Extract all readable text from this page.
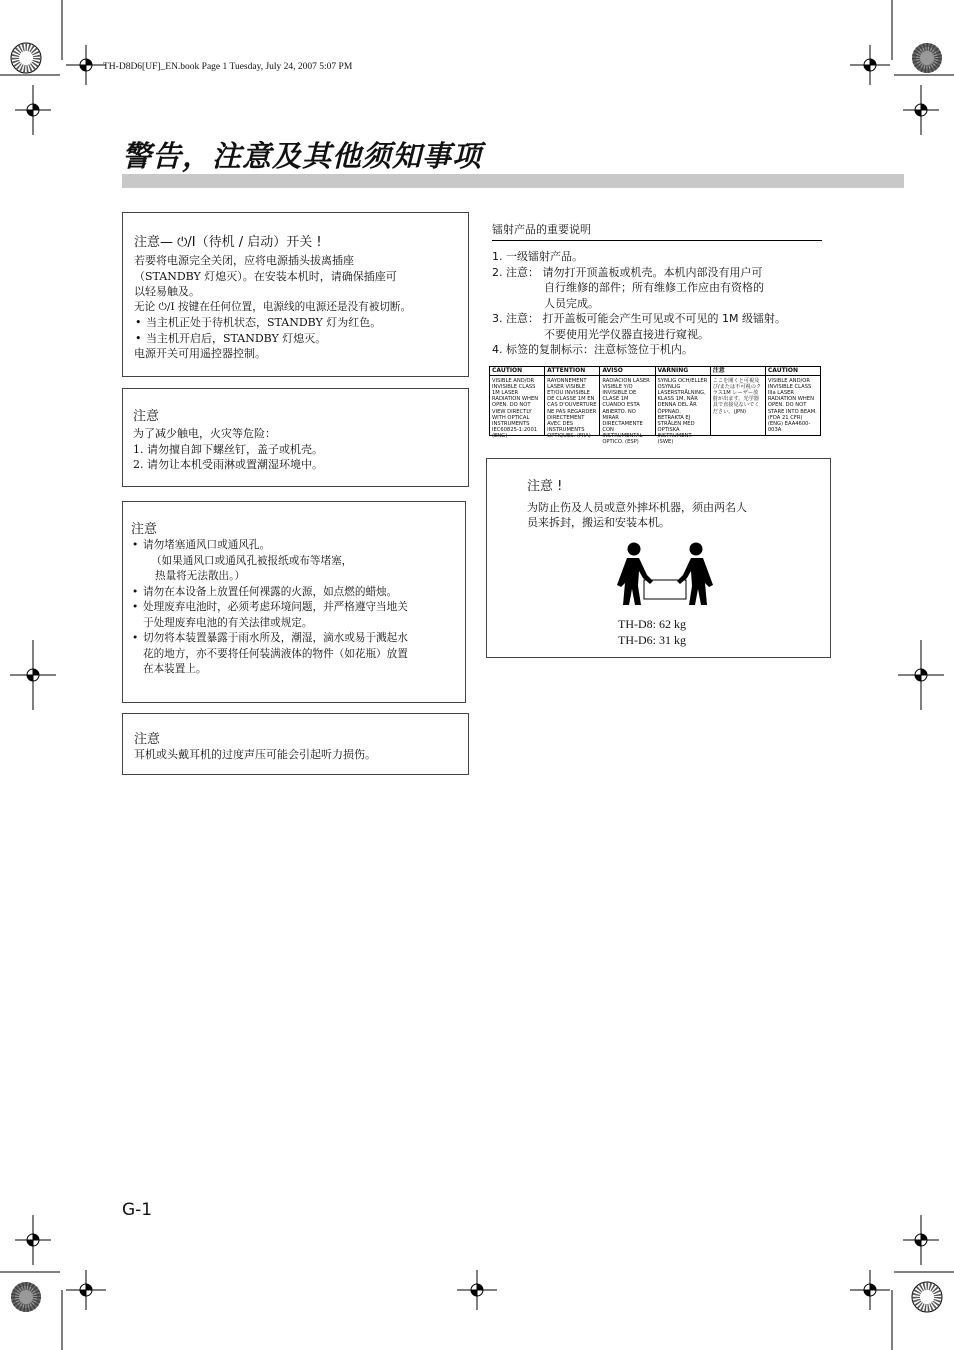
TH-D8D6[UF]_EN.book Page 1 Tuesday, July 24, 2007 5:07 PM
警告，注意及其他须知事项
注意— ⏻/I（待机 / 启动）开关 !

若要将电源完全关闭，应将电源插头拔离插座

（STANDBY 灯熄灭）。在安装本机时，请确保插座可

以轻易触及。

无论 ⏻/I 按键在任何位置，电源线的电源还是没有被切断。

• 当主机正处于待机状态，STANDBY 灯为红色。

• 当主机开启后，STANDBY 灯熄灭。

电源开关可用遥控器控制。

注意

为了减少触电，火灾等危险：

1. 请勿擅自卸下螺丝钉，盖子或机壳。

2. 请勿让本机受雨淋或置潮湿环境中。

注意

• 请勿堵塞通风口或通风孔。

（如果通风口或通风孔被报纸或布等堵塞，

热量将无法散出。）

• 请勿在本设备上放置任何裸露的火源，如点燃的蜡烛。

• 处理废弃电池时，必须考虑环境问题，并严格遵守当地关

于处理废弃电池的有关法律或规定。

• 切勿将本装置暴露于雨水所及，潮湿，滴水或易于溅起水

花的地方，亦不要将任何装满液体的物件（如花瓶）放置

在本装置上。

注意

耳机或头戴耳机的过度声压可能会引起听力损伤。

镭射产品的重要说明
1. 一级镭射产品。
2. 注意： 请勿打开顶盖板或机壳。本机内部没有用户可
自行维修的部件；所有维修工作应由有资格的
人员完成。
3. 注意： 打开盖板可能会产生可见或不可见的 1M 级镭射。
不要使用光学仪器直接进行窥视。
4. 标签的复制标示：注意标签位于机内。
CAUTION
VISIBLE AND/OR INVISIBLE CLASS 1M LASER RADIATION WHEN OPEN. DO NOT VIEW DIRECTLY WITH OPTICAL INSTRUMENTS IEC60825-1:2001 (ENG)
ATTENTION
RAYONNEMENT LASER VISIBLE ET/OU INVISIBLE DE CLASSE 1M EN CAS D'OUVERTURE NE PAS REGARDER DIRECTEMENT AVEC DES INSTRUMENTS OPTIQUES. (FRA)
AVISO
RADIACION LASER VISIBLE Y/O INVISIBLE DE CLASE 1M CUANDO ESTA ABIERTO. NO MIRAR DIRECTAMENTE CON INSTRUMENTAL OPTICO. (ESP)
VARNING
SYNLIG OCH/ELLER OSYNLIG LASERSTRÅLNING, KLASS 1M, NÄR DENNA DEL ÄR ÖPPNAD. BETRAKTA EJ STRÅLEN MED OPTISKA INSTRUMENT. (SWE)
注意
ここを開くと可視及び/または不可視のクラス1M レーザー放射が出ます。光学器具で直接見ないでください。(JPN)
CAUTION
VISIBLE AND/OR INVISIBLE CLASS IIIa LASER RADIATION WHEN OPEN. DO NOT STARE INTO BEAM. (FDA 21 CFR) (ENG) EAA4600-003A
注意 !

为防止伤及人员或意外摔坏机器，须由两名人

员来拆封，搬运和安装本机。

TH-D8: 62 kg
TH-D6: 31 kg
G-1
